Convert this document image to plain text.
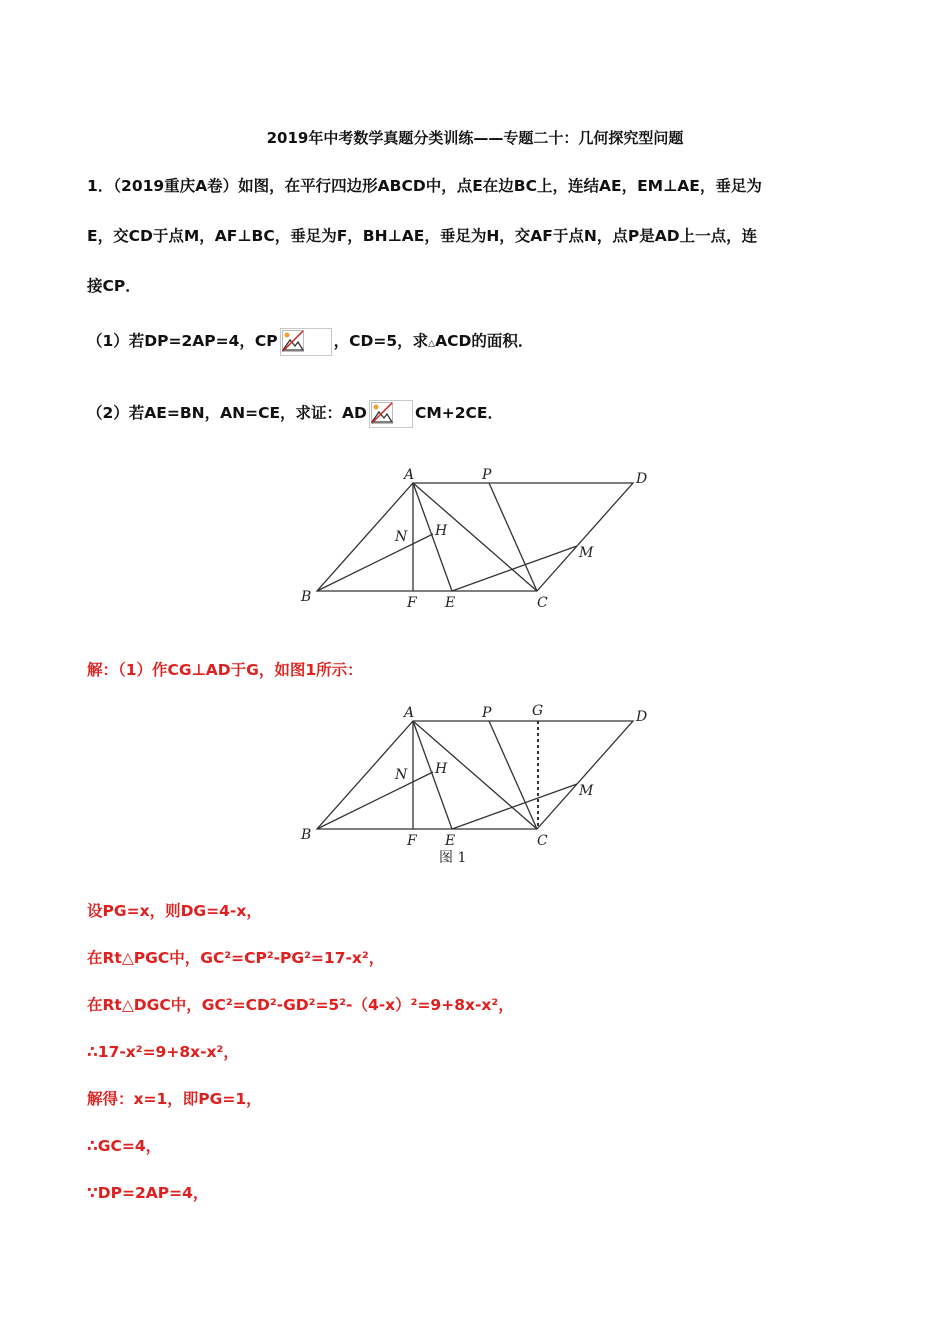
2019年中考数学真题分类训练——专题二十：几何探究型问题
1．（2019重庆A卷）如图，在平行四边形ABCD中，点E在边BC上，连结AE，EM⊥AE，垂足为
E，交CD于点M，AF⊥BC，垂足为F，BH⊥AE，垂足为H，交AF于点N，点P是AD上一点，连
接CP．
（1）若DP=2AP=4，CP	，CD=5，求△ACD的面积．
（2）若AE=BN，AN=CE，求证：AD	CM+2CE．
A	P	D
N H
M
B	F E	C
解：（1）作CG⊥AD于G，如图1所示：
A	P	G	D
N H
M
B	F E	C
图 1
设PG=x，则DG=4-x，
在Rt△PGC中，GC²=CP²-PG²=17-x²，
在Rt△DGC中，GC²=CD²-GD²=5²-（4-x）²=9+8x-x²，
∴17-x²=9+8x-x²，
解得：x=1，即PG=1，
∴GC=4，
∵DP=2AP=4，
